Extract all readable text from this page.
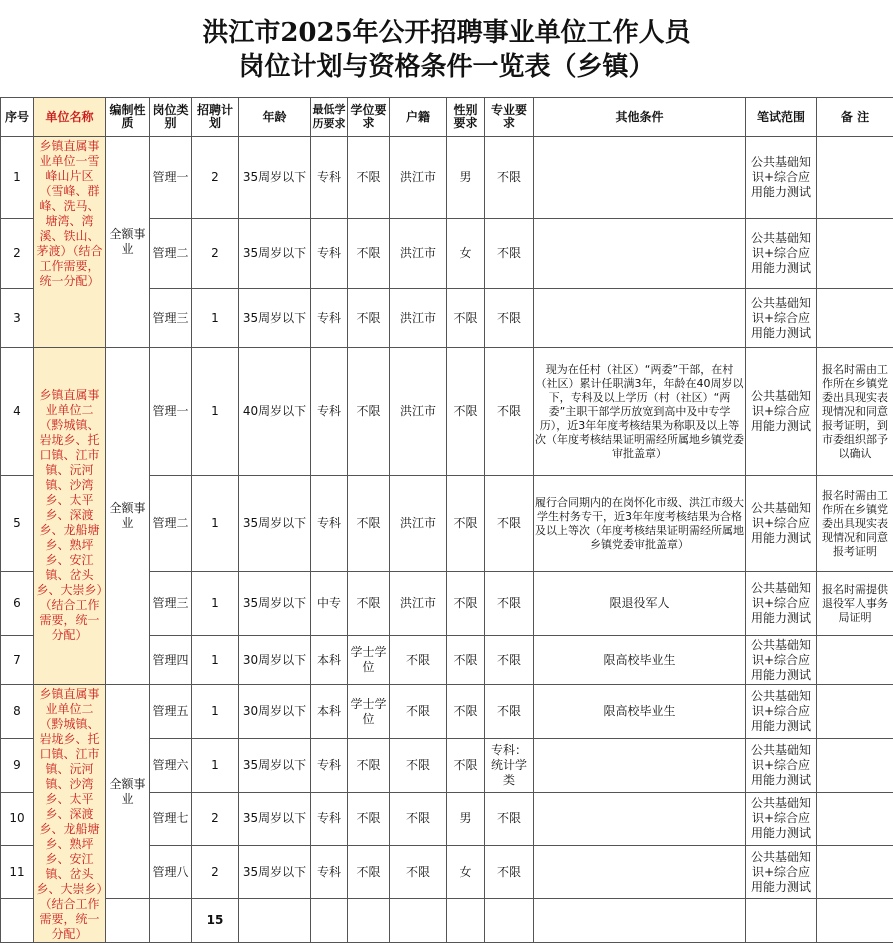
洪江市2025年公开招聘事业单位工作人员
岗位计划与资格条件一览表（乡镇）
序号	单位名称	编制性质	岗位类别	招聘计划	年龄	最低学历要求	学位要求	户籍	性别要求	专业要求	其他条件	笔试范围	备 注
1	乡镇直属事业单位一雪峰山片区（雪峰、群峰、洗马、塘湾、湾溪、铁山、茅渡）（结合工作需要，统一分配）	全额事业	管理一	2	35周岁以下	专科	不限	洪江市	男	不限		公共基础知识+综合应用能力测试	
2			管理二	2	35周岁以下	专科	不限	洪江市	女	不限		公共基础知识+综合应用能力测试	
3			管理三	1	35周岁以下	专科	不限	洪江市	不限	不限		公共基础知识+综合应用能力测试	
4	乡镇直属事业单位二（黔城镇、岩垅乡、托口镇、江市镇、沅河镇、沙湾乡、太平乡、深渡乡、龙船塘乡、熟坪乡、安江镇、岔头乡、大崇乡）（结合工作需要，统一分配）	全额事业	管理一	1	40周岁以下	专科	不限	洪江市	不限	不限	现为在任村（社区）“两委”干部，在村（社区）累计任职满3年，年龄在40周岁以下，专科及以上学历（村（社区）“两委”主职干部学历放宽到高中及中专学历），近3年年度考核结果为称职及以上等次（年度考核结果证明需经所属地乡镇党委审批盖章）	公共基础知识+综合应用能力测试	报名时需由工作所在乡镇党委出具现实表现情况和同意报考证明，到市委组织部予以确认
5			管理二	1	35周岁以下	专科	不限	洪江市	不限	不限	履行合同期内的在岗怀化市级、洪江市级大学生村务专干，近3年年度考核结果为合格及以上等次（年度考核结果证明需经所属地乡镇党委审批盖章）	公共基础知识+综合应用能力测试	报名时需由工作所在乡镇党委出具现实表现情况和同意报考证明
6			管理三	1	35周岁以下	中专	不限	洪江市	不限	不限	限退役军人	公共基础知识+综合应用能力测试	报名时需提供退役军人事务局证明
7			管理四	1	30周岁以下	本科	学士学位	不限	不限	不限	限高校毕业生	公共基础知识+综合应用能力测试	
8	乡镇直属事业单位二（黔城镇、岩垅乡、托口镇、江市镇、沅河镇、沙湾乡、太平乡、深渡乡、龙船塘乡、熟坪乡、安江镇、岔头乡、大崇乡）（结合工作需要，统一分配）	全额事业	管理五	1	30周岁以下	本科	学士学位	不限	不限	不限	限高校毕业生	公共基础知识+综合应用能力测试	
9			管理六	1	35周岁以下	专科	不限	不限	不限	专科：统计学类		公共基础知识+综合应用能力测试	
10			管理七	2	35周岁以下	专科	不限	不限	男	不限		公共基础知识+综合应用能力测试	
11			管理八	2	35周岁以下	专科	不限	不限	女	不限		公共基础知识+综合应用能力测试	
				15									
